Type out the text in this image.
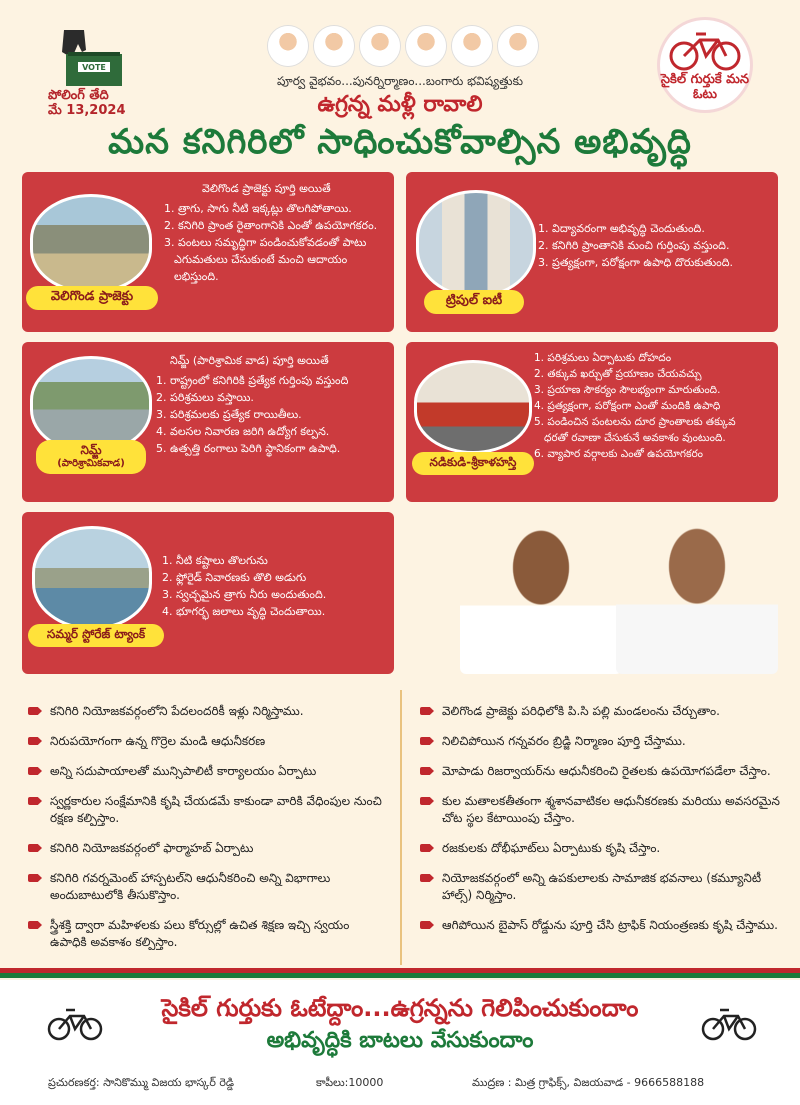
VOTE
పోలింగ్ తేది
మే 13,2024
పూర్వ వైభవం...పునర్నిర్మాణం...బంగారు భవిష్యత్తుకు
ఉగ్రన్న మళ్లీ రావాలి
మన కనిగిరిలో సాధించుకోవాల్సిన అభివృద్ధి
సైకిల్ గుర్తుకే మన ఓటు
వెలిగొండ ప్రాజెక్టు
వెలిగొండ ప్రాజెక్టు పూర్తి అయితే
1. త్రాగు, సాగు నీటి ఇక్కట్లు తొలగిపోతాయి.
2. కనిగిరి ప్రాంత రైతాంగానికి ఎంతో ఉపయోగకరం.
3. పంటలు సమృద్ధిగా పండించుకోవడంతో పాటు
ఎగుమతులు చేసుకుంటే మంచి ఆదాయం లభిస్తుంది.
ట్రిపుల్ ఐటీ
1. విద్యావరంగా అభివృద్ధి చెందుతుంది.
2. కనిగిరి ప్రాంతానికి మంచి గుర్తింపు వస్తుంది.
3. ప్రత్యక్షంగా, పరోక్షంగా ఉపాధి దొరుకుతుంది.
నిమ్జ్
(పారిశ్రామికవాడ)
నిమ్జ్ (పారిశ్రామిక వాడ) పూర్తి అయితే
1. రాష్ట్రంలో కనిగిరికి ప్రత్యేక గుర్తింపు వస్తుంది
2. పరిశ్రమలు వస్తాయి.
3. పరిశ్రమలకు ప్రత్యేక రాయితీలు.
4. వలసల నివారణ జరిగి ఉద్యోగ కల్పన.
5. ఉత్పత్తి రంగాలు పెరిగి స్థానికంగా ఉపాధి.
నడికుడి-శ్రీకాళహస్తి
1. పరిశ్రమలు ఏర్పాటుకు దోహదం
2. తక్కువ ఖర్చుతో ప్రయాణం చేయవచ్చు
3. ప్రయాణ సౌకర్యం సౌలభ్యంగా మారుతుంది.
4. ప్రత్యక్షంగా, పరోక్షంగా ఎంతో మందికి ఉపాధి
5. పండించిన పంటలను దూర ప్రాంతాలకు తక్కువ
ధరతో రవాణా చేసుకునే అవకాశం వుంటుంది.
6. వ్యాపార వర్గాలకు ఎంతో ఉపయోగకరం
సమ్మర్ స్టోరేజ్ ట్యాంక్
1. నీటి కష్టాలు తొలగును
2. ఫ్లోరైడ్ నివారణకు తొలి అడుగు
3. స్వచ్ఛమైన త్రాగు నీరు అందుతుంది.
4. భూగర్భ జలాలు వృద్ధి చెందుతాయి.
కనిగిరి నియోజకవర్గంలోని పేదలందరికీ ఇళ్లు నిర్మిస్తాము.
నిరుపయోగంగా ఉన్న గొర్రెల మండి ఆధునీకరణ
అన్ని సదుపాయాలతో మున్సిపాలిటీ కార్యాలయం ఏర్పాటు
స్వర్ణకారుల సంక్షేమానికి కృషి చేయడమే కాకుండా వారికి వేధింపుల నుంచి రక్షణ కల్పిస్తాం.
కనిగిరి నియోజకవర్గంలో ఫార్మాహబ్ ఏర్పాటు
కనిగిరి గవర్నమెంట్ హాస్పటల్‌ని ఆధునీకరించి అన్ని విభాగాలు అందుబాటులోకి తీసుకొస్తాం.
స్త్రీశక్తి ద్వారా మహిళలకు పలు కోర్సుల్లో ఉచిత శిక్షణ ఇచ్చి స్వయం ఉపాధికి అవకాశం కల్పిస్తాం.
వెలిగొండ ప్రాజెక్టు పరిధిలోకి పి.సి పల్లి మండలంను చేర్చుతాం.
నిలిచిపోయిన గన్నవరం బ్రిడ్జి నిర్మాణం పూర్తి చేస్తాము.
మోపాడు రిజర్వాయర్‌ను ఆధునీకరించి రైతలకు ఉపయోగపడేలా చేస్తాం.
కుల మతాలకతీతంగా శ్మశానవాటికల ఆధునీకరణకు మరియు అవసరమైన చోట స్థల కేటాయింపు చేస్తాం.
రజకులకు దోభీఘాట్‌లు ఏర్పాటుకు కృషి చేస్తాం.
నియోజకవర్గంలో అన్ని ఉపకులాలకు సామాజిక భవనాలు (కమ్యూనిటీ హాల్స్) నిర్మిస్తాం.
ఆగిపోయిన బైపాస్ రోడ్డును పూర్తి చేసి ట్రాఫిక్ నియంత్రణకు కృషి చేస్తాము.
సైకిల్ గుర్తుకు ఓటేద్దాం...ఉగ్రన్నను గెలిపించుకుందాం
అభివృద్ధికి బాటలు వేసుకుందాం
ప్రచురణకర్త: సానికొమ్ము విజయ భాస్కర్ రెడ్డి	కాపీలు:10000	ముద్రణ : మిత్ర గ్రాఫిక్స్, విజయవాడ - 9666588188
